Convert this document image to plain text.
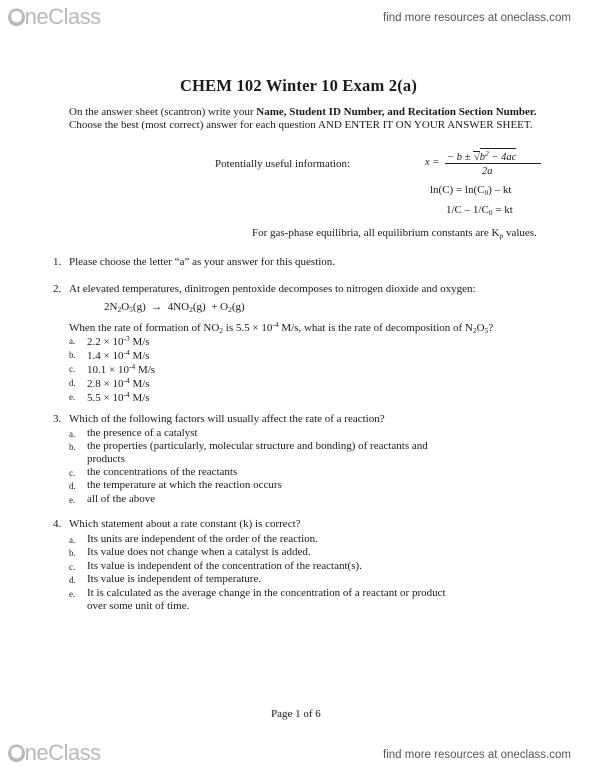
OneClass	find more resources at oneclass.com
CHEM 102 Winter 10 Exam 2(a)
On the answer sheet (scantron) write your Name, Student ID Number, and Recitation Section Number. Choose the best (most correct) answer for each question AND ENTER IT ON YOUR ANSWER SHEET.
Potentially useful information:	x = − $b \pm √b^2 - 4ac$
2a
$\ln(C) = \ln(C_0)$ – kt
$1/C - 1/C_0$ = kt
For gas-phase equilibria, all equilibrium constants are $K_p$ values.
1. Please choose the letter “a” as your answer for this question.
2. At elevated temperatures, dinitrogen pentoxide decomposes to nitrogen dioxide and oxygen:
$2N_2O_5(g) \to 4NO_2(g) + O_2(g)$
When the rate of formation of $NO_2$ is $5.5 \times 10^{-4}$ M/s, what is the rate of decomposition of $N_2O_5$?
a. $2.2 \times 10^{-3}$ M/s
b. $1.4 \times 10^{-4}$ M/s
c. $10.1 \times 10^{-4}$ M/s
d. $2.8 \times 10^{-4}$ M/s
e. $5.5 \times 10^{-4}$ M/s
3. Which of the following factors will usually affect the rate of a reaction?
a. the presence of a catalyst
b. the properties (particularly, molecular structure and bonding) of reactants and
products
c. the concentrations of the reactants
d. the temperature at which the reaction occurs
e. all of the above
4. Which statement about a rate constant (k) is correct?
a. Its units are independent of the order of the reaction.
b. Its value does not change when a catalyst is added.
c. Its value is independent of the concentration of the reactant(s).
d. Its value is independent of temperature.
e. It is calculated as the average change in the concentration of a reactant or product
over some unit of time.
Page 1 of 6
OneClass	find more resources at oneclass.com
